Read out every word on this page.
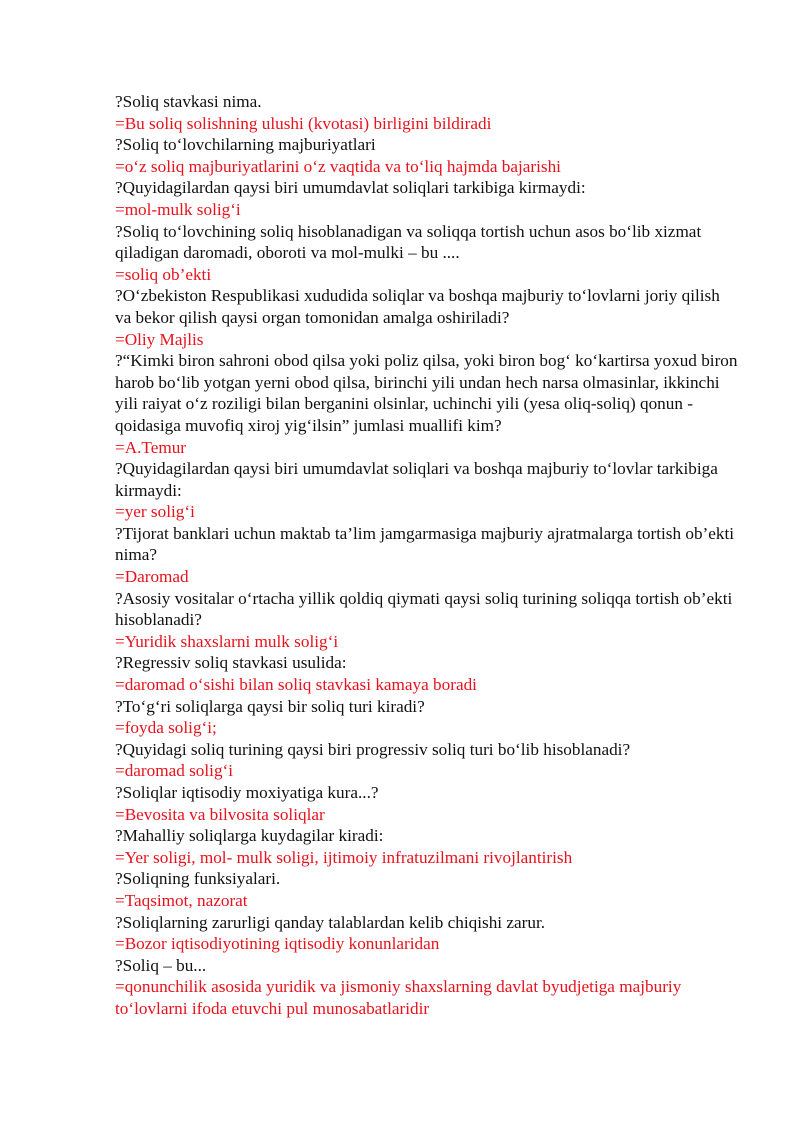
?Soliq stavkasi nima.

=Bu soliq solishning ulushi (kvotasi) birligini bildiradi

?Soliq to‘lovchilarning majburiyatlari

=o‘z soliq majburiyatlarini o‘z vaqtida va to‘liq hajmda bajarishi

?Quyidagilardan qaysi biri umumdavlat soliqlari tarkibiga kirmaydi:

=mol-mulk solig‘i

?Soliq to‘lovchining soliq hisoblanadigan va soliqqa tortish uchun asos bo‘lib xizmat qiladigan daromadi, oboroti va mol-mulki – bu ....

=soliq ob’ekti

?O‘zbekiston Respublikasi xududida soliqlar va boshqa majburiy to‘lovlarni joriy qilish va bekor qilish qaysi organ tomonidan amalga oshiriladi?

=Oliy Majlis

?“Kimki biron sahroni obod qilsa yoki poliz qilsa, yoki biron bog‘ ko‘kartirsa yoxud biron harob bo‘lib yotgan yerni obod qilsa, birinchi yili undan hech narsa olmasinlar, ikkinchi yili raiyat o‘z roziligi bilan berganini olsinlar, uchinchi yili (yesa oliq-soliq) qonun -qoidasiga muvofiq xiroj yig‘ilsin” jumlasi muallifi kim?

=A.Temur

?Quyidagilardan qaysi biri umumdavlat soliqlari va boshqa majburiy to‘lovlar tarkibiga kirmaydi:

=yer solig‘i

?Tijorat banklari uchun maktab ta’lim jamgarmasiga majburiy ajratmalarga tortish ob’ekti nima?

=Daromad

?Asosiy vositalar o‘rtacha yillik qoldiq qiymati qaysi soliq turining soliqqa tortish ob’ekti hisoblanadi?

=Yuridik shaxslarni mulk solig‘i

?Regressiv soliq stavkasi usulida:

=daromad o‘sishi bilan soliq stavkasi kamaya boradi

?To‘g‘ri soliqlarga qaysi bir soliq turi kiradi?

=foyda solig‘i;

?Quyidagi soliq turining qaysi biri progressiv soliq turi bo‘lib hisoblanadi?

=daromad solig‘i

?Soliqlar iqtisodiy moxiyatiga kura...?

=Bevosita va bilvosita soliqlar

?Mahalliy soliqlarga kuydagilar kiradi:

=Yer soligi, mol- mulk soligi, ijtimoiy infratuzilmani rivojlantirish

?Soliqning funksiyalari.

=Taqsimot, nazorat

?Soliqlarning zarurligi qanday talablardan kelib chiqishi zarur.

=Bozor iqtisodiyotining iqtisodiy konunlaridan

?Soliq – bu...

=qonunchilik asosida yuridik va jismoniy shaxslarning davlat byudjetiga majburiy to‘lovlarni ifoda etuvchi pul munosabatlaridir
